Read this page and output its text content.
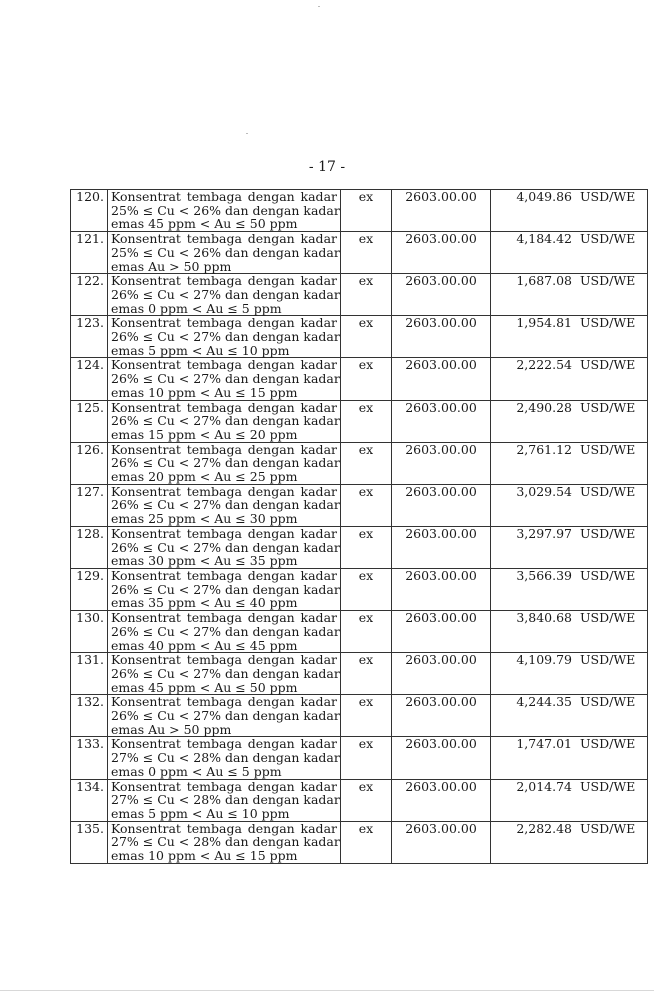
- 17 -
120.	Konsentrat tembaga dengan kadar
25% ≤ Cu < 26% dan dengan kadar
emas 45 ppm < Au ≤ 50 ppm	ex	2603.00.00	4,049.86 USD/WE
121.	Konsentrat tembaga dengan kadar
25% ≤ Cu < 26% dan dengan kadar
emas Au > 50 ppm	ex	2603.00.00	4,184.42 USD/WE
122.	Konsentrat tembaga dengan kadar
26% ≤ Cu < 27% dan dengan kadar
emas 0 ppm < Au ≤ 5 ppm	ex	2603.00.00	1,687.08 USD/WE
123.	Konsentrat tembaga dengan kadar
26% ≤ Cu < 27% dan dengan kadar
emas 5 ppm < Au ≤ 10 ppm	ex	2603.00.00	1,954.81 USD/WE
124.	Konsentrat tembaga dengan kadar
26% ≤ Cu < 27% dan dengan kadar
emas 10 ppm < Au ≤ 15 ppm	ex	2603.00.00	2,222.54 USD/WE
125.	Konsentrat tembaga dengan kadar
26% ≤ Cu < 27% dan dengan kadar
emas 15 ppm < Au ≤ 20 ppm	ex	2603.00.00	2,490.28 USD/WE
126.	Konsentrat tembaga dengan kadar
26% ≤ Cu < 27% dan dengan kadar
emas 20 ppm < Au ≤ 25 ppm	ex	2603.00.00	2,761.12 USD/WE
127.	Konsentrat tembaga dengan kadar
26% ≤ Cu < 27% dan dengan kadar
emas 25 ppm < Au ≤ 30 ppm	ex	2603.00.00	3,029.54 USD/WE
128.	Konsentrat tembaga dengan kadar
26% ≤ Cu < 27% dan dengan kadar
emas 30 ppm < Au ≤ 35 ppm	ex	2603.00.00	3,297.97 USD/WE
129.	Konsentrat tembaga dengan kadar
26% ≤ Cu < 27% dan dengan kadar
emas 35 ppm < Au ≤ 40 ppm	ex	2603.00.00	3,566.39 USD/WE
130.	Konsentrat tembaga dengan kadar
26% ≤ Cu < 27% dan dengan kadar
emas 40 ppm < Au ≤ 45 ppm	ex	2603.00.00	3,840.68 USD/WE
131.	Konsentrat tembaga dengan kadar
26% ≤ Cu < 27% dan dengan kadar
emas 45 ppm < Au ≤ 50 ppm	ex	2603.00.00	4,109.79 USD/WE
132.	Konsentrat tembaga dengan kadar
26% ≤ Cu < 27% dan dengan kadar
emas Au > 50 ppm	ex	2603.00.00	4,244.35 USD/WE
133.	Konsentrat tembaga dengan kadar
27% ≤ Cu < 28% dan dengan kadar
emas 0 ppm < Au ≤ 5 ppm	ex	2603.00.00	1,747.01 USD/WE
134.	Konsentrat tembaga dengan kadar
27% ≤ Cu < 28% dan dengan kadar
emas 5 ppm < Au ≤ 10 ppm	ex	2603.00.00	2,014.74 USD/WE
135.	Konsentrat tembaga dengan kadar
27% ≤ Cu < 28% dan dengan kadar
emas 10 ppm < Au ≤ 15 ppm	ex	2603.00.00	2,282.48 USD/WE
